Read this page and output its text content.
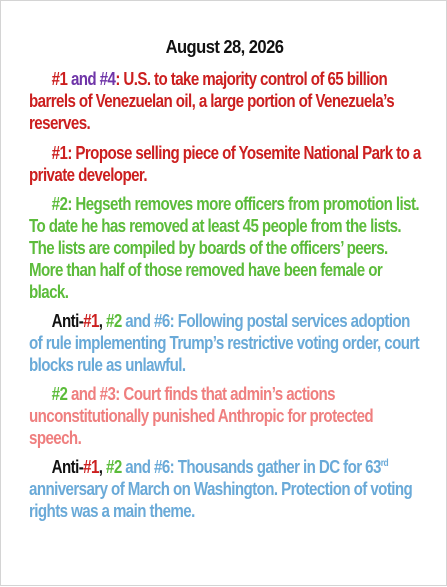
August 28, 2026

#1 and #4: U.S. to take majority control of 65 billion barrels of Venezuelan oil, a large portion of Venezuela’s reserves.

#1: Propose selling piece of Yosemite National Park to a private developer.

#2: Hegseth removes more officers from promotion list. To date he has removed at least 45 people from the lists. The lists are compiled by boards of the officers’ peers. More than half of those removed have been female or black.

Anti-#1, #2 and #6: Following postal services adoption of rule implementing Trump’s restrictive voting order, court blocks rule as unlawful.

#2 and #3: Court finds that admin’s actions unconstitutionally punished Anthropic for protected speech.

Anti-#1, #2 and #6: Thousands gather in DC for 63rd anniversary of March on Washington. Protection of voting rights was a main theme.
